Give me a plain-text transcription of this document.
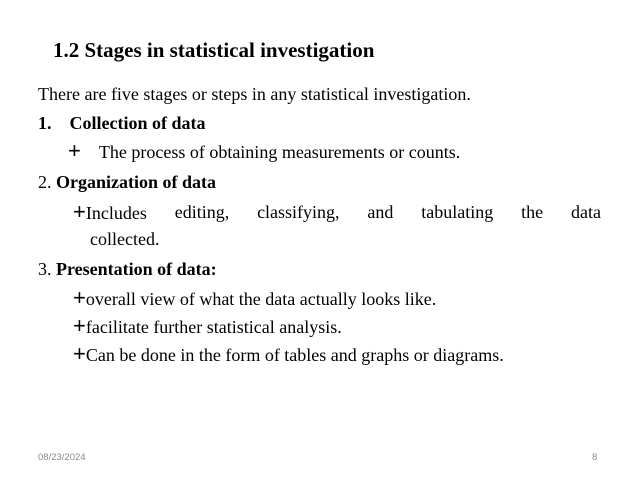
1.2 Stages in statistical investigation
There are five stages or steps in any statistical investigation.
1. Collection of data
+ The process of obtaining measurements or counts.
2. Organization of data
+Includes editing, classifying, and tabulating the data
collected.
3. Presentation of data:
+overall view of what the data actually looks like.
+facilitate further statistical analysis.
+Can be done in the form of tables and graphs or diagrams.
08/23/2024	8
